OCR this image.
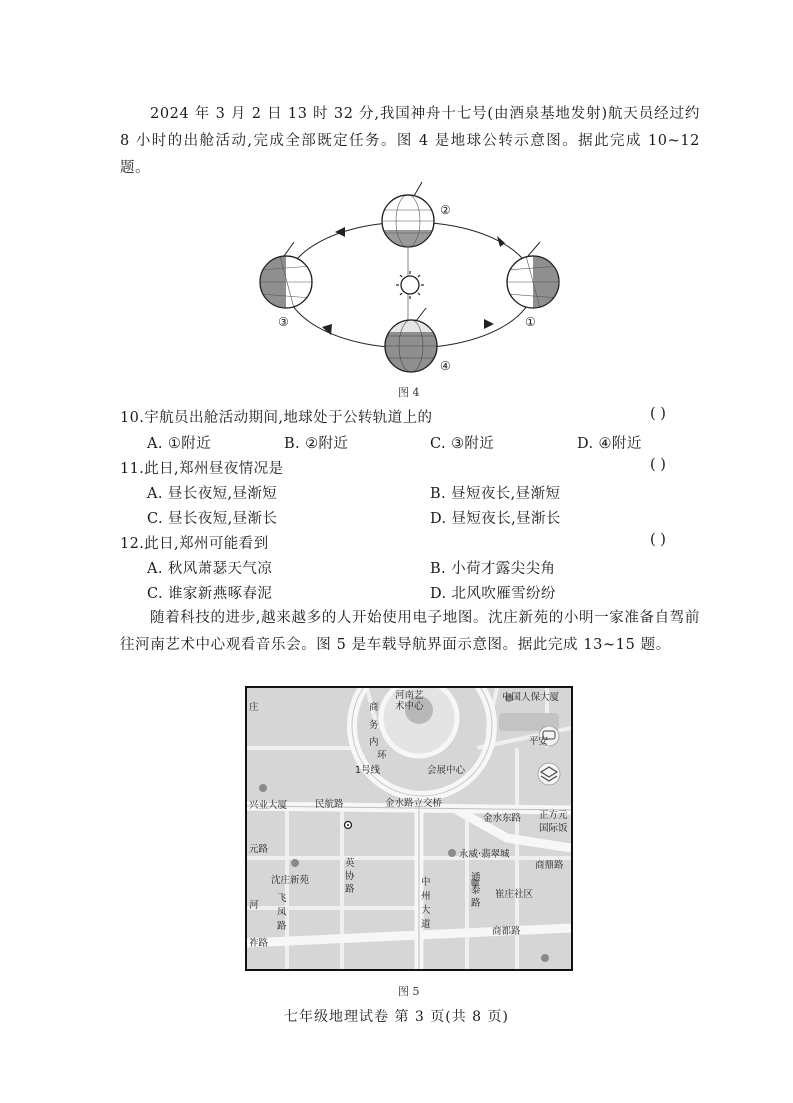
2024 年 3 月 2 日 13 时 32 分,我国神舟十七号(由酒泉基地发射)航天员经过约 8 小时的出舱活动,完成全部既定任务。图 4 是地球公转示意图。据此完成 10~12 题。

①
②
③
④
图 4
10.宇航员出舱活动期间,地球处于公转轨道上的	( )
A. ①附近	B. ②附近	C. ③附近	D. ④附近
11.此日,郑州昼夜情况是	( )
A. 昼长夜短,昼渐短	B. 昼短夜长,昼渐短
C. 昼长夜短,昼渐长	D. 昼短夜长,昼渐长
12.此日,郑州可能看到	( )
A. 秋风萧瑟天气凉	B. 小荷才露尖尖角
C. 谁家新燕啄春泥	D. 北风吹雁雪纷纷

随着科技的进步,越来越多的人开始使用电子地图。沈庄新苑的小明一家准备自驾前往河南艺术中心观看音乐会。图 5 是车载导航界面示意图。据此完成 13~15 题。

庄
河南艺
术中心
商
务
内
环
1号线	会展中心
中国人保大厦
平安
兴业大厦	民航路	金水路立交桥
金水东路 正方元
国际饭
元路
英
协
路
永威·翡翠城
商鼎路
沈庄新苑	中
州
大
道
通
泰
路
崔庄社区
飞
凤
路
河
商都路
祚路
图 5
七年级地理试卷 第 3 页(共 8 页)
